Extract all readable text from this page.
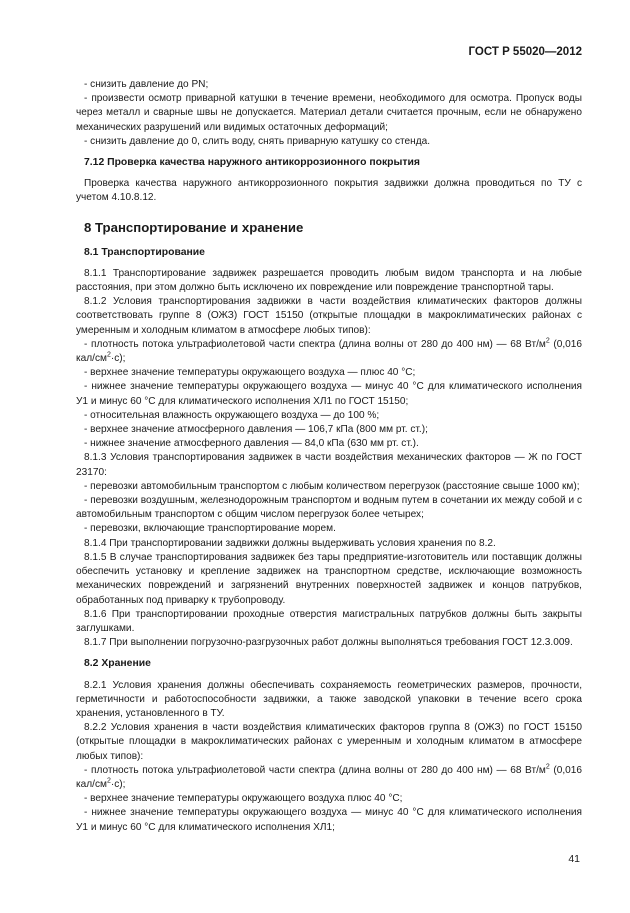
ГОСТ Р 55020—2012

- снизить давление до PN;

- произвести осмотр приварной катушки в течение времени, необходимого для осмотра. Пропуск воды через металл и сварные швы не допускается. Материал детали считается прочным, если не обнаружено механических разрушений или видимых остаточных деформаций;

- снизить давление до 0, слить воду, снять приварную катушку со стенда.

7.12 Проверка качества наружного антикоррозионного покрытия

Проверка качества наружного антикоррозионного покрытия задвижки должна проводиться по ТУ с учетом 4.10.8.12.

8 Транспортирование и хранение

8.1 Транспортирование

8.1.1 Транспортирование задвижек разрешается проводить любым видом транспорта и на любые расстояния, при этом должно быть исключено их повреждение или повреждение транспортной тары.

8.1.2 Условия транспортирования задвижки в части воздействия климатических факторов должны соответствовать группе 8 (ОЖЗ) ГОСТ 15150 (открытые площадки в макроклиматических районах с умеренным и холодным климатом в атмосфере любых типов):

- плотность потока ультрафиолетовой части спектра (длина волны от 280 до 400 нм) — 68 $Вт/м^2$ (0,016 кал/$см^2\cdot с$);

- верхнее значение температуры окружающего воздуха — плюс 40 °С;

- нижнее значение температуры окружающего воздуха — минус 40 °С для климатического исполнения У1 и минус 60 °С для климатического исполнения ХЛ1 по ГОСТ 15150;

- относительная влажность окружающего воздуха — до 100 %;

- верхнее значение атмосферного давления — 106,7 кПа (800 мм рт. ст.);

- нижнее значение атмосферного давления — 84,0 кПа (630 мм рт. ст.).

8.1.3 Условия транспортирования задвижек в части воздействия механических факторов — Ж по ГОСТ 23170:

- перевозки автомобильным транспортом с любым количеством перегрузок (расстояние свыше 1000 км);

- перевозки воздушным, железнодорожным транспортом и водным путем в сочетании их между собой и с автомобильным транспортом с общим числом перегрузок более четырех;

- перевозки, включающие транспортирование морем.

8.1.4 При транспортировании задвижки должны выдерживать условия хранения по 8.2.

8.1.5 В случае транспортирования задвижек без тары предприятие-изготовитель или поставщик должны обеспечить установку и крепление задвижек на транспортном средстве, исключающие возможность механических повреждений и загрязнений внутренних поверхностей задвижек и концов патрубков, обработанных под приварку к трубопроводу.

8.1.6 При транспортировании проходные отверстия магистральных патрубков должны быть закрыты заглушками.

8.1.7 При выполнении погрузочно-разгрузочных работ должны выполняться требования ГОСТ 12.3.009.

8.2 Хранение

8.2.1 Условия хранения должны обеспечивать сохраняемость геометрических размеров, прочности, герметичности и работоспособности задвижки, а также заводской упаковки в течение всего срока хранения, установленного в ТУ.

8.2.2 Условия хранения в части воздействия климатических факторов группа 8 (ОЖЗ) по ГОСТ 15150 (открытые площадки в макроклиматических районах с умеренным и холодным климатом в атмосфере любых типов):

- плотность потока ультрафиолетовой части спектра (длина волны от 280 до 400 нм) — 68 $Вт/м^2$ (0,016 кал/$см^2\cdot с$);

- верхнее значение температуры окружающего воздуха плюс 40 °С;

- нижнее значение температуры окружающего воздуха — минус 40 °С для климатического исполнения У1 и минус 60 °С для климатического исполнения ХЛ1;

41
